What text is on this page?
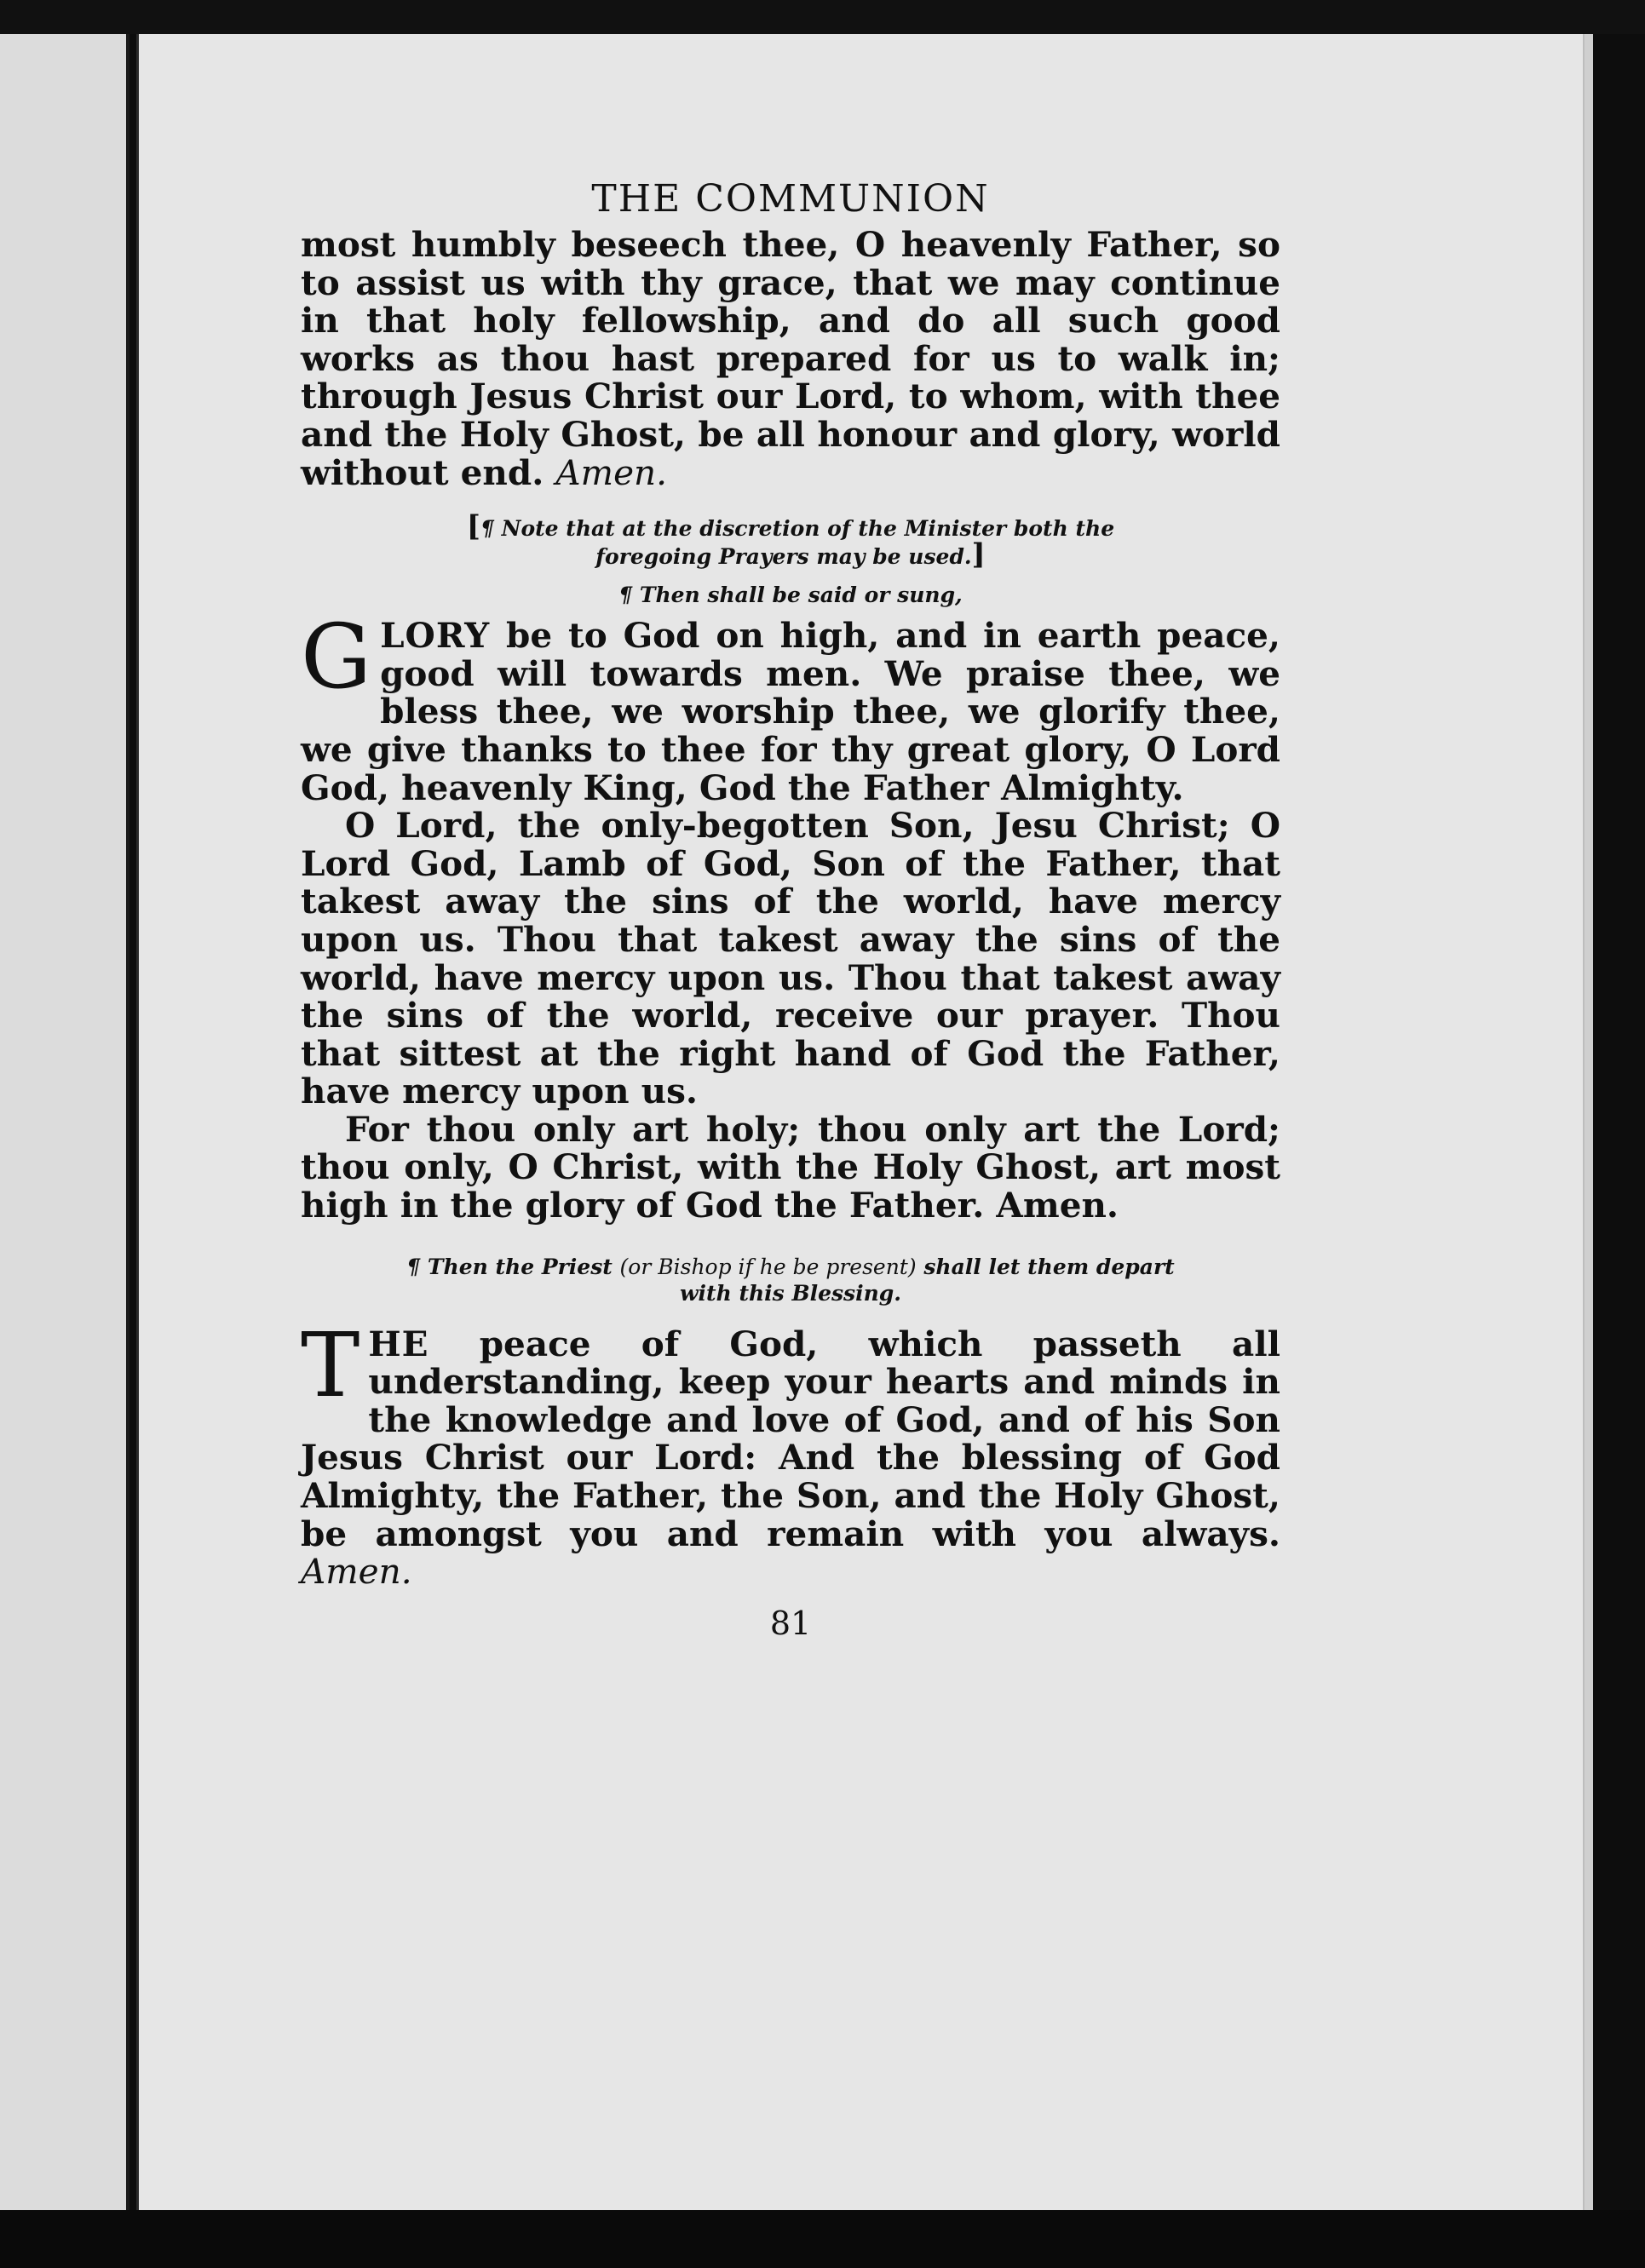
THE COMMUNION

most humbly beseech thee, O heavenly Father, so to assist us with thy grace, that we may continue in that holy fellowship, and do all such good works as thou hast prepared for us to walk in; through Jesus Christ our Lord, to whom, with thee and the Holy Ghost, be all honour and glory, world without end. Amen.

[¶ Note that at the discretion of the Minister both the foregoing Prayers may be used.]

¶ Then shall be said or sung,

GLORY be to God on high, and in earth peace, good will towards men. We praise thee, we bless thee, we worship thee, we glorify thee, we give thanks to thee for thy great glory, O Lord God, heavenly King, God the Father Almighty.

O Lord, the only-begotten Son, Jesu Christ; O Lord God, Lamb of God, Son of the Father, that takest away the sins of the world, have mercy upon us. Thou that takest away the sins of the world, have mercy upon us. Thou that takest away the sins of the world, receive our prayer. Thou that sittest at the right hand of God the Father, have mercy upon us.

For thou only art holy; thou only art the Lord; thou only, O Christ, with the Holy Ghost, art most high in the glory of God the Father. Amen.

¶ Then the Priest (or Bishop if he be present) shall let them depart with this Blessing.

THE peace of God, which passeth all understanding, keep your hearts and minds in the knowledge and love of God, and of his Son Jesus Christ our Lord: And the blessing of God Almighty, the Father, the Son, and the Holy Ghost, be amongst you and remain with you always. Amen.

81
